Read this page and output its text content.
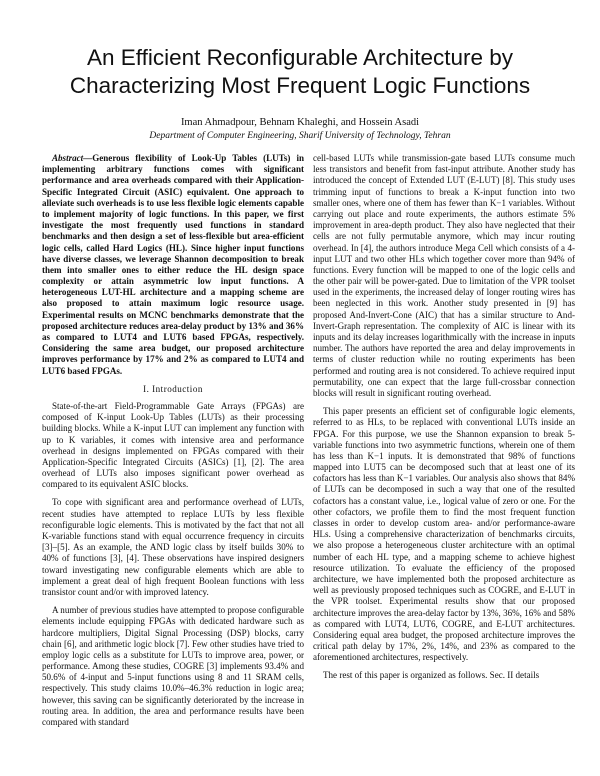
An Efficient Reconfigurable Architecture by
Characterizing Most Frequent Logic Functions
Iman Ahmadpour, Behnam Khaleghi, and Hossein Asadi
Department of Computer Engineering, Sharif University of Technology, Tehran

Abstract—Generous flexibility of Look-Up Tables (LUTs) in implementing arbitrary functions comes with significant performance and area overheads compared with their Application-Specific Integrated Circuit (ASIC) equivalent. One approach to alleviate such overheads is to use less flexible logic elements capable to implement majority of logic functions. In this paper, we first investigate the most frequently used functions in standard benchmarks and then design a set of less-flexible but area-efficient logic cells, called Hard Logics (HL). Since higher input functions have diverse classes, we leverage Shannon decomposition to break them into smaller ones to either reduce the HL design space complexity or attain asymmetric low input functions. A heterogeneous LUT-HL architecture and a mapping scheme are also proposed to attain maximum logic resource usage. Experimental results on MCNC benchmarks demonstrate that the proposed architecture reduces area-delay product by 13% and 36% as compared to LUT4 and LUT6 based FPGAs, respectively. Considering the same area budget, our proposed architecture improves performance by 17% and 2% as compared to LUT4 and LUT6 based FPGAs.

I. Introduction

State-of-the-art Field-Programmable Gate Arrays (FPGAs) are composed of K-input Look-Up Tables (LUTs) as their processing building blocks. While a K-input LUT can implement any function with up to K variables, it comes with intensive area and performance overhead in designs implemented on FPGAs compared with their Application-Specific Integrated Circuits (ASICs) [1], [2]. The area overhead of LUTs also imposes significant power overhead as compared to its equivalent ASIC blocks.

To cope with significant area and performance overhead of LUTs, recent studies have attempted to replace LUTs by less flexible reconfigurable logic elements. This is motivated by the fact that not all K-variable functions stand with equal occurrence frequency in circuits [3]–[5]. As an example, the AND logic class by itself builds 30% to 40% of functions [3], [4]. These observations have inspired designers toward investigating new configurable elements which are able to implement a great deal of high frequent Boolean functions with less transistor count and/or with improved latency.

A number of previous studies have attempted to propose configurable elements include equipping FPGAs with dedicated hardware such as hardcore multipliers, Digital Signal Processing (DSP) blocks, carry chain [6], and arithmetic logic block [7]. Few other studies have tried to employ logic cells as a substitute for LUTs to improve area, power, or performance. Among these studies, COGRE [3] implements 93.4% and 50.6% of 4-input and 5-input functions using 8 and 11 SRAM cells, respectively. This study claims 10.0%–46.3% reduction in logic area; however, this saving can be significantly deteriorated by the increase in routing area. In addition, the area and performance results have been compared with standard

cell-based LUTs while transmission-gate based LUTs consume much less transistors and benefit from fast-input attribute. Another study has introduced the concept of Extended LUT (E-LUT) [8]. This study uses trimming input of functions to break a K-input function into two smaller ones, where one of them has fewer than K−1 variables. Without carrying out place and route experiments, the authors estimate 5% improvement in area-depth product. They also have neglected that their cells are not fully permutable anymore, which may incur routing overhead. In [4], the authors introduce Mega Cell which consists of a 4-input LUT and two other HLs which together cover more than 94% of functions. Every function will be mapped to one of the logic cells and the other pair will be power-gated. Due to limitation of the VPR toolset used in the experiments, the increased delay of longer routing wires has been neglected in this work. Another study presented in [9] has proposed And-Invert-Cone (AIC) that has a similar structure to And-Invert-Graph representation. The complexity of AIC is linear with its inputs and its delay increases logarithmically with the increase in inputs number. The authors have reported the area and delay improvements in terms of cluster reduction while no routing experiments has been performed and routing area is not considered. To achieve required input permutability, one can expect that the large full-crossbar connection blocks will result in significant routing overhead.

This paper presents an efficient set of configurable logic elements, referred to as HLs, to be replaced with conventional LUTs inside an FPGA. For this purpose, we use the Shannon expansion to break 5-variable functions into two asymmetric functions, wherein one of them has less than K−1 inputs. It is demonstrated that 98% of functions mapped into LUT5 can be decomposed such that at least one of its cofactors has less than K−1 variables. Our analysis also shows that 84% of LUTs can be decomposed in such a way that one of the resulted cofactors has a constant value, i.e., logical value of zero or one. For the other cofactors, we profile them to find the most frequent function classes in order to develop custom area- and/or performance-aware HLs. Using a comprehensive characterization of benchmarks circuits, we also propose a heterogeneous cluster architecture with an optimal number of each HL type, and a mapping scheme to achieve highest resource utilization. To evaluate the efficiency of the proposed architecture, we have implemented both the proposed architecture as well as previously proposed techniques such as COGRE, and E-LUT in the VPR toolset. Experimental results show that our proposed architecture improves the area-delay factor by 13%, 36%, 16% and 58% as compared with LUT4, LUT6, COGRE, and E-LUT architectures. Considering equal area budget, the proposed architecture improves the critical path delay by 17%, 2%, 14%, and 23% as compared to the aforementioned architectures, respectively.

The rest of this paper is organized as follows. Sec. II details
